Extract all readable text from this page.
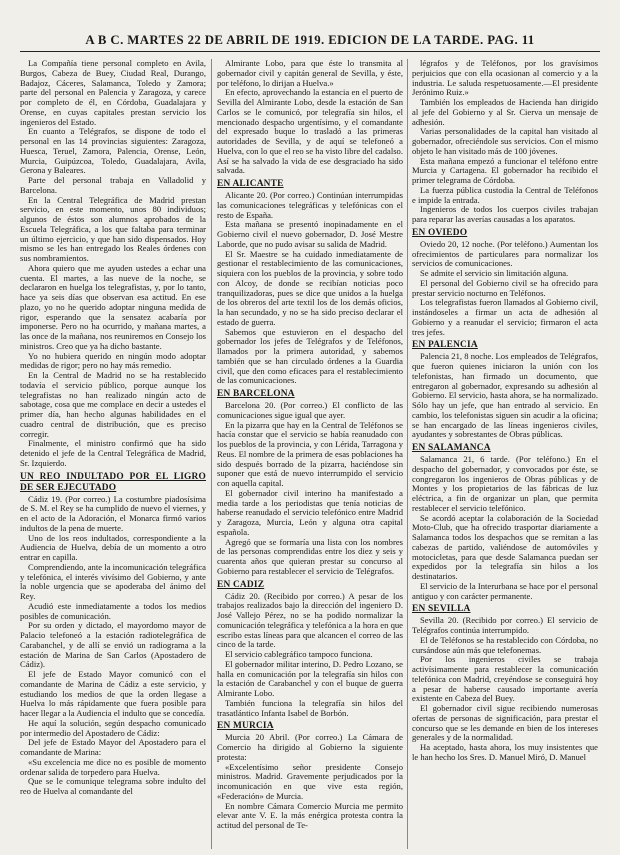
A B C. MARTES 22 DE ABRIL DE 1919. EDICION DE LA TARDE. PAG. 11

La Compañía tiene personal completo en Avila, Burgos, Cabeza de Buey, Ciudad Real, Durango, Badajoz, Cáceres, Salamanca, Toledo y Zamora; parte del personal en Palencia y Zaragoza, y carece por completo de él, en Córdoba, Guadalajara y Orense, en cuyas capitales prestan servicio los ingenieros del Estado.

En cuanto a Telégrafos, se dispone de todo el personal en las 14 provincias siguientes: Zaragoza, Huesca, Teruel, Zamora, Palencia, Orense, León, Murcia, Guipúzcoa, Toledo, Guadalajara, Avila, Gerona y Baleares.

Parte del personal trabaja en Valladolid y Barcelona.

En la Central Telegráfica de Madrid prestan servicio, en este momento, unos 80 individuos; algunos de éstos son alumnos aprobados de la Escuela Telegráfica, a los que faltaba para terminar un último ejercicio, y que han sido dispensados. Hoy mismo se les han entregado los Reales órdenes con sus nombramientos.

Ahora quiero que me ayuden ustedes a echar una cuenta. El martes, a las nueve de la noche, se declararon en huelga los telegrafistas, y, por lo tanto, hace ya seis días que observan esa actitud. En ese plazo, yo no he querido adoptar ninguna medida de rigor, esperando que la sensatez acabaría por imponerse. Pero no ha ocurrido, y mañana martes, a las once de la mañana, nos reuniremos en Consejo los ministros. Creo que ya ha dicho bastante.

Yo no hubiera querido en ningún modo adoptar medidas de rigor; pero no hay más remedio.

En la Central de Madrid no se ha restablecido todavía el servicio público, porque aunque los telegrafistas no han realizado ningún acto de sabotage, cosa que me complace en decir a ustedes el primer día, han hecho algunas habilidades en el cuadro central de distribución, que es preciso corregir.

Finalmente, el ministro confirmó que ha sido detenido el jefe de la Central Telegráfica de Madrid, Sr. Izquierdo.

UN REO INDULTADO POR EL LIGRO DE SER EJECUTADO

Cádiz 19. (Por correo.) La costumbre piadosísima de S. M. el Rey se ha cumplido de nuevo el viernes, y en el acto de la Adoración, el Monarca firmó varios indultos de la pena de muerte.

Uno de los reos indultados, correspondiente a la Audiencia de Huelva, debía de un momento a otro entrar en capilla.

Comprendiendo, ante la incomunicación telegráfica y telefónica, el interés vivísimo del Gobierno, y ante la noble urgencia que se apoderaba del ánimo del Rey.

Acudió este inmediatamente a todos los medios posibles de comunicación.

Por su orden y dictado, el mayordomo mayor de Palacio telefoneó a la estación radiotelegráfica de Carabanchel, y de allí se envió un radiograma a la estación de Marina de San Carlos (Apostadero de Cádiz).

El jefe de Estado Mayor comunicó con el comandante de Marina de Cádiz a este servicio, y estudiando los medios de que la orden llegase a Huelva lo más rápidamente que fuera posible para hacer llegar a la Audiencia el indulto que se concedía.

He aquí la solución, según despacho comunicado por intermedio del Apostadero de Cádiz:

Del jefe de Estado Mayor del Apostadero para el comandante de Marina:

«Su excelencia me dice no es posible de momento ordenar salida de torpedero para Huelva.

Que se le comunique telegrama sobre indulto del reo de Huelva al comandante del

Almirante Lobo, para que éste lo transmita al gobernador civil y capitán general de Sevilla, y éste, por teléfono, lo dirijan a Huelva.»

En efecto, aprovechando la estancia en el puerto de Sevilla del Almirante Lobo, desde la estación de San Carlos se le comunicó, por telegrafía sin hilos, el mencionado despacho urgentísimo, y el comandante del expresado buque lo trasladó a las primeras autoridades de Sevilla, y de aquí se telefoneó a Huelva, con lo que el reo se ha visto libre del cadalso. Así se ha salvado la vida de ese desgraciado ha sido salvada.

EN ALICANTE

Alicante 20. (Por correo.) Continúan interrumpidas las comunicaciones telegráficas y telefónicas con el resto de España.

Esta mañana se presentó inopinadamente en el Gobierno civil el nuevo gobernador, D. José Mestre Laborde, que no pudo avisar su salida de Madrid.

El Sr. Maestre se ha cuidado inmediatamente de gestionar el restablecimiento de las comunicaciones, siquiera con los pueblos de la provincia, y sobre todo con Alcoy, de donde se recibían noticias poco tranquilizadoras, pues se dice que unidos a la huelga de los obreros del arte textil los de los demás oficios, la han secundado, y no se ha sido preciso declarar el estado de guerra.

Sabemos que estuvieron en el despacho del gobernador los jefes de Telégrafos y de Teléfonos, llamados por la primera autoridad, y sabemos también que se han circulado órdenes a la Guardia civil, que den como eficaces para el restablecimiento de las comunicaciones.

EN BARCELONA

Barcelona 20. (Por correo.) El conflicto de las comunicaciones sigue igual que ayer.

En la pizarra que hay en la Central de Teléfonos se hacía constar que el servicio se había reanudado con los pueblos de la provincia, y con Lérida, Tarragona y Reus. El nombre de la primera de esas poblaciones ha sido después borrado de la pizarra, haciéndose sin suponer que está de nuevo interrumpido el servicio con aquella capital.

El gobernador civil interino ha manifestado a media tarde a los periodistas que tenía noticias de haberse reanudado el servicio telefónico entre Madrid y Zaragoza, Murcia, León y alguna otra capital española.

Agregó que se formaría una lista con los nombres de las personas comprendidas entre los diez y seis y cuarenta años que quieran prestar su concurso al Gobierno para restablecer el servicio de Telégrafos.

EN CADIZ

Cádiz 20. (Recibido por correo.) A pesar de los trabajos realizados bajo la dirección del ingeniero D. José Vallejo Pérez, no se ha podido normalizar la comunicación telegráfica y telefónica a la hora en que escribo estas líneas para que alcancen el correo de las cinco de la tarde.

El servicio cablegráfico tampoco funciona.

El gobernador militar interino, D. Pedro Lozano, se halla en comunicación por la telegrafía sin hilos con la estación de Carabanchel y con el buque de guerra Almirante Lobo.

También funciona la telegrafía sin hilos del trasatlántico Infanta Isabel de Borbón.

EN MURCIA

Murcia 20 Abril. (Por correo.) La Cámara de Comercio ha dirigido al Gobierno la siguiente protesta:

«Excelentísimo señor presidente Consejo ministros. Madrid. Gravemente perjudicados por la incomunicación en que vive esta región, «Federación» de Murcia.

En nombre Cámara Comercio Murcia me permito elevar ante V. E. la más enérgica protesta contra la actitud del personal de Te-

légrafos y de Teléfonos, por los gravísimos perjuicios que con ella ocasionan al comercio y a la industria. Le saluda respetuosamente.—El presidente Jerónimo Ruiz.»

También los empleados de Hacienda han dirigido al jefe del Gobierno y al Sr. Cierva un mensaje de adhesión.

Varias personalidades de la capital han visitado al gobernador, ofreciéndole sus servicios. Con el mismo objeto le han visitado más de 100 jóvenes.

Esta mañana empezó a funcionar el teléfono entre Murcia y Cartagena. El gobernador ha recibido el primer telegrama de Córdoba.

La fuerza pública custodia la Central de Teléfonos e impide la entrada.

Ingenieros de todos los cuerpos civiles trabajan para reparar las averías causadas a los aparatos.

EN OVIEDO

Oviedo 20, 12 noche. (Por teléfono.) Aumentan los ofrecimientos de particulares para normalizar los servicios de comunicaciones.

Se admite el servicio sin limitación alguna.

El personal del Gobierno civil se ha ofrecido para prestar servicio nocturno en Teléfonos.

Los telegrafistas fueron llamados al Gobierno civil, instándoseles a firmar un acta de adhesión al Gobierno y a reanudar el servicio; firmaron el acta tres jefes.

EN PALENCIA

Palencia 21, 8 noche. Los empleados de Telégrafos, que fueron quienes iniciaron la unión con los telefonistas, han firmado un documento, que entregaron al gobernador, expresando su adhesión al Gobierno. El servicio, hasta ahora, se ha normalizado. Sólo hay un jefe, que han entrado al servicio. En cambio, los telefonistas siguen sin acudir a la oficina; se han encargado de las líneas ingenieros civiles, ayudantes y sobrestantes de Obras públicas.

EN SALAMANCA

Salamanca 21, 6 tarde. (Por teléfono.) En el despacho del gobernador, y convocados por éste, se congregaron los ingenieros de Obras públicas y de Montes y los propietarios de las fábricas de luz eléctrica, a fin de organizar un plan, que permita restablecer el servicio telefónico.

Se acordó aceptar la colaboración de la Sociedad Moto-Club, que ha ofrecido trasportar diariamente a Salamanca todos los despachos que se remitan a las cabezas de partido, valiéndose de automóviles y motocicletas, para que desde Salamanca puedan ser expedidos por la telegrafía sin hilos a los destinatarios.

El servicio de la Interurbana se hace por el personal antiguo y con carácter permanente.

EN SEVILLA

Sevilla 20. (Recibido por correo.) El servicio de Telégrafos continúa interrumpido.

El de Teléfonos se ha restablecido con Córdoba, no cursándose aún más que telefonemas.

Por los ingenieros civiles se trabaja activísimamente para restablecer la comunicación telefónica con Madrid, creyéndose se conseguirá hoy a pesar de haberse causado importante avería existente en Cabeza del Buey.

El gobernador civil sigue recibiendo numerosas ofertas de personas de significación, para prestar el concurso que se les demande en bien de los intereses generales y de la normalidad.

Ha aceptado, hasta ahora, los muy insistentes que le han hecho los Sres. D. Manuel Miró, D. Manuel
